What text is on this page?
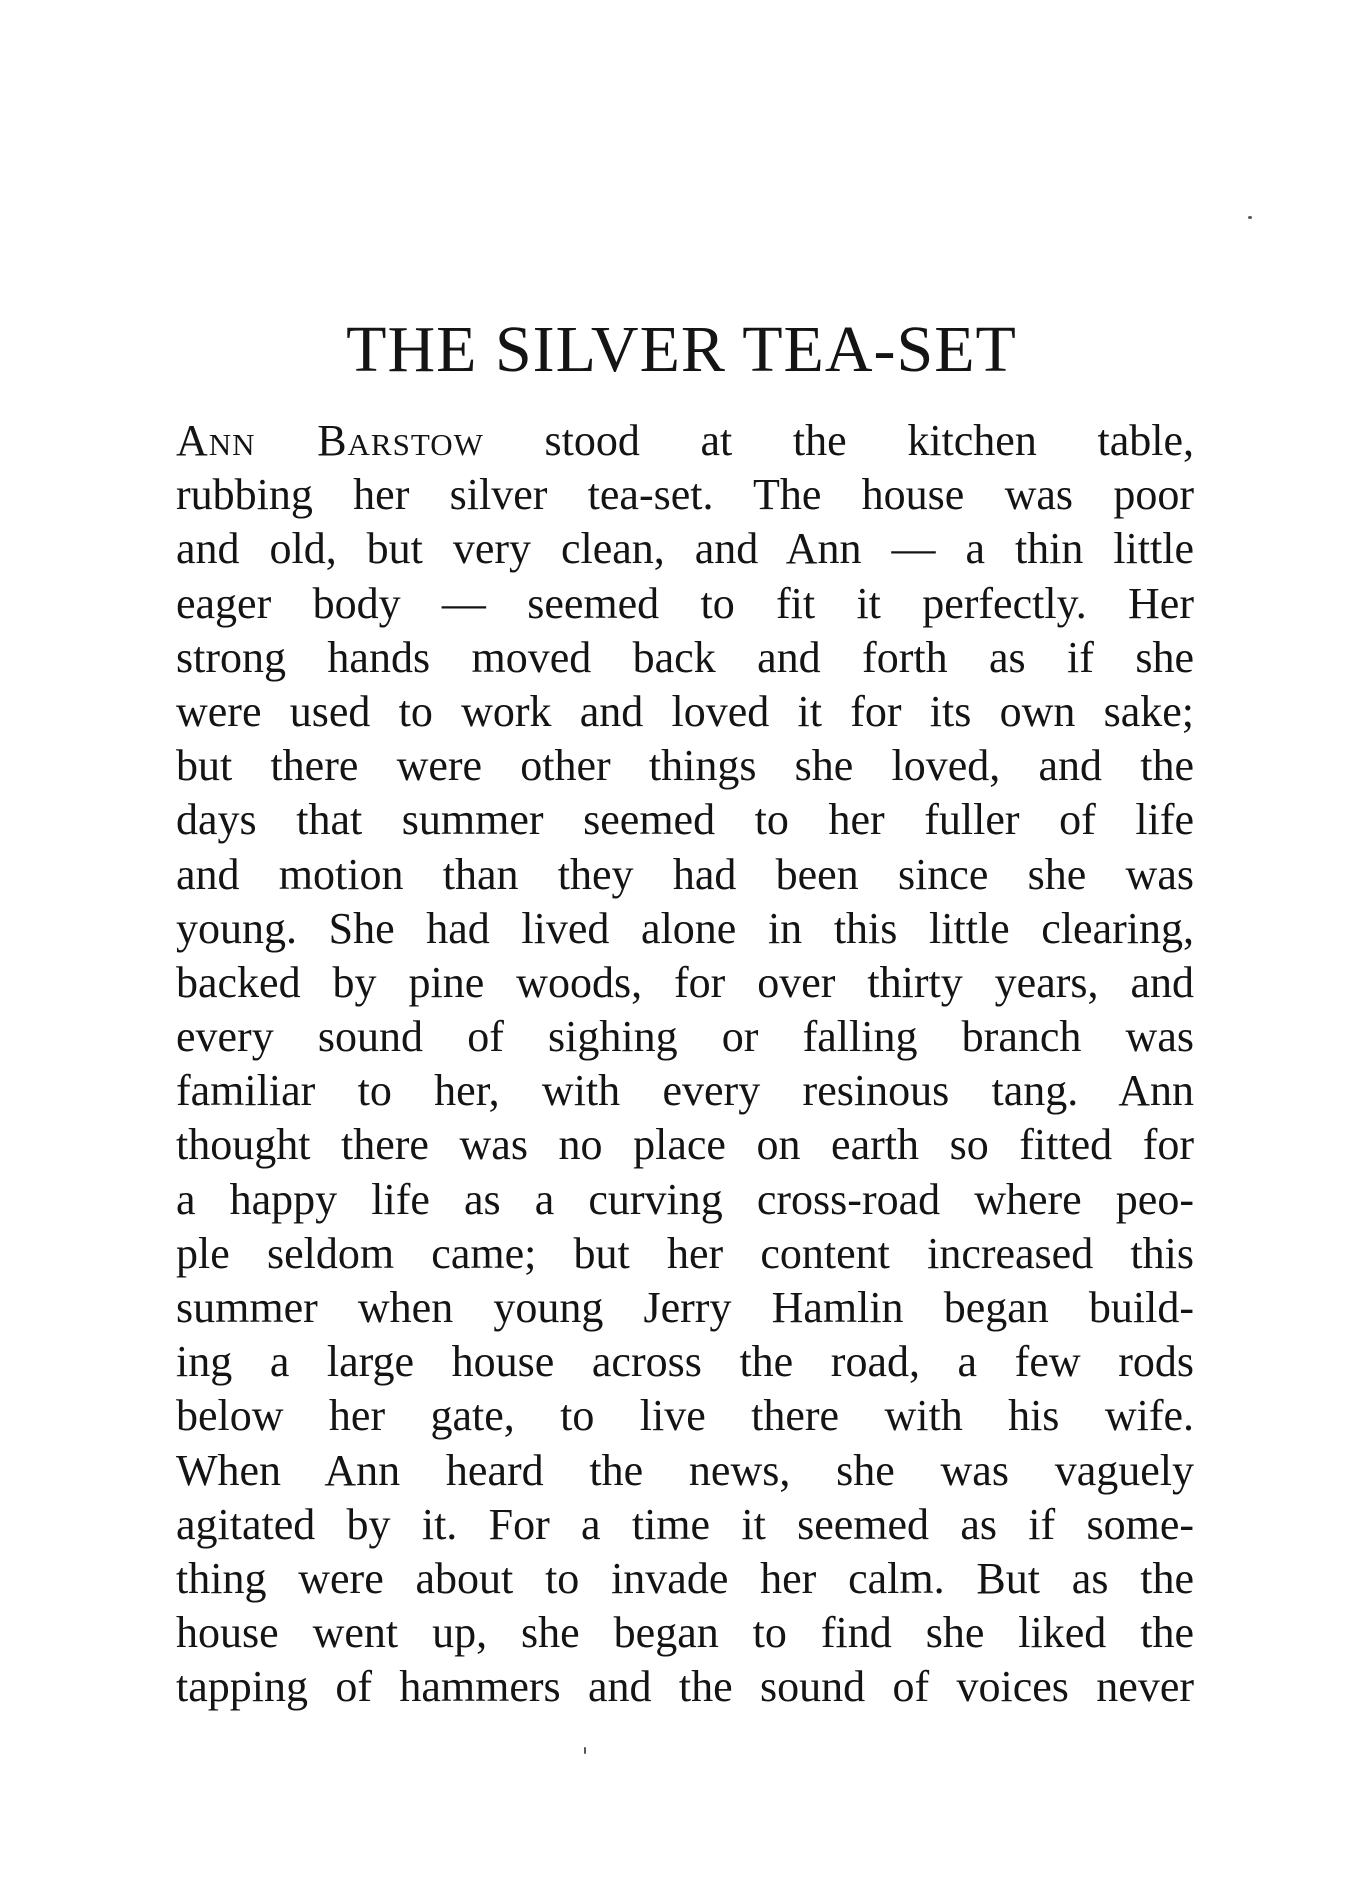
THE SILVER TEA-SET
Ann Barstow stood at the kitchen table,
rubbing her silver tea-set. The house was poor
and old, but very clean, and Ann — a thin little
eager body — seemed to fit it perfectly. Her
strong hands moved back and forth as if she
were used to work and loved it for its own sake;
but there were other things she loved, and the
days that summer seemed to her fuller of life
and motion than they had been since she was
young. She had lived alone in this little clearing,
backed by pine woods, for over thirty years, and
every sound of sighing or falling branch was
familiar to her, with every resinous tang. Ann
thought there was no place on earth so fitted for
a happy life as a curving cross-road where peo-
ple seldom came; but her content increased this
summer when young Jerry Hamlin began build-
ing a large house across the road, a few rods
below her gate, to live there with his wife.
When Ann heard the news, she was vaguely
agitated by it. For a time it seemed as if some-
thing were about to invade her calm. But as the
house went up, she began to find she liked the
tapping of hammers and the sound of voices never
